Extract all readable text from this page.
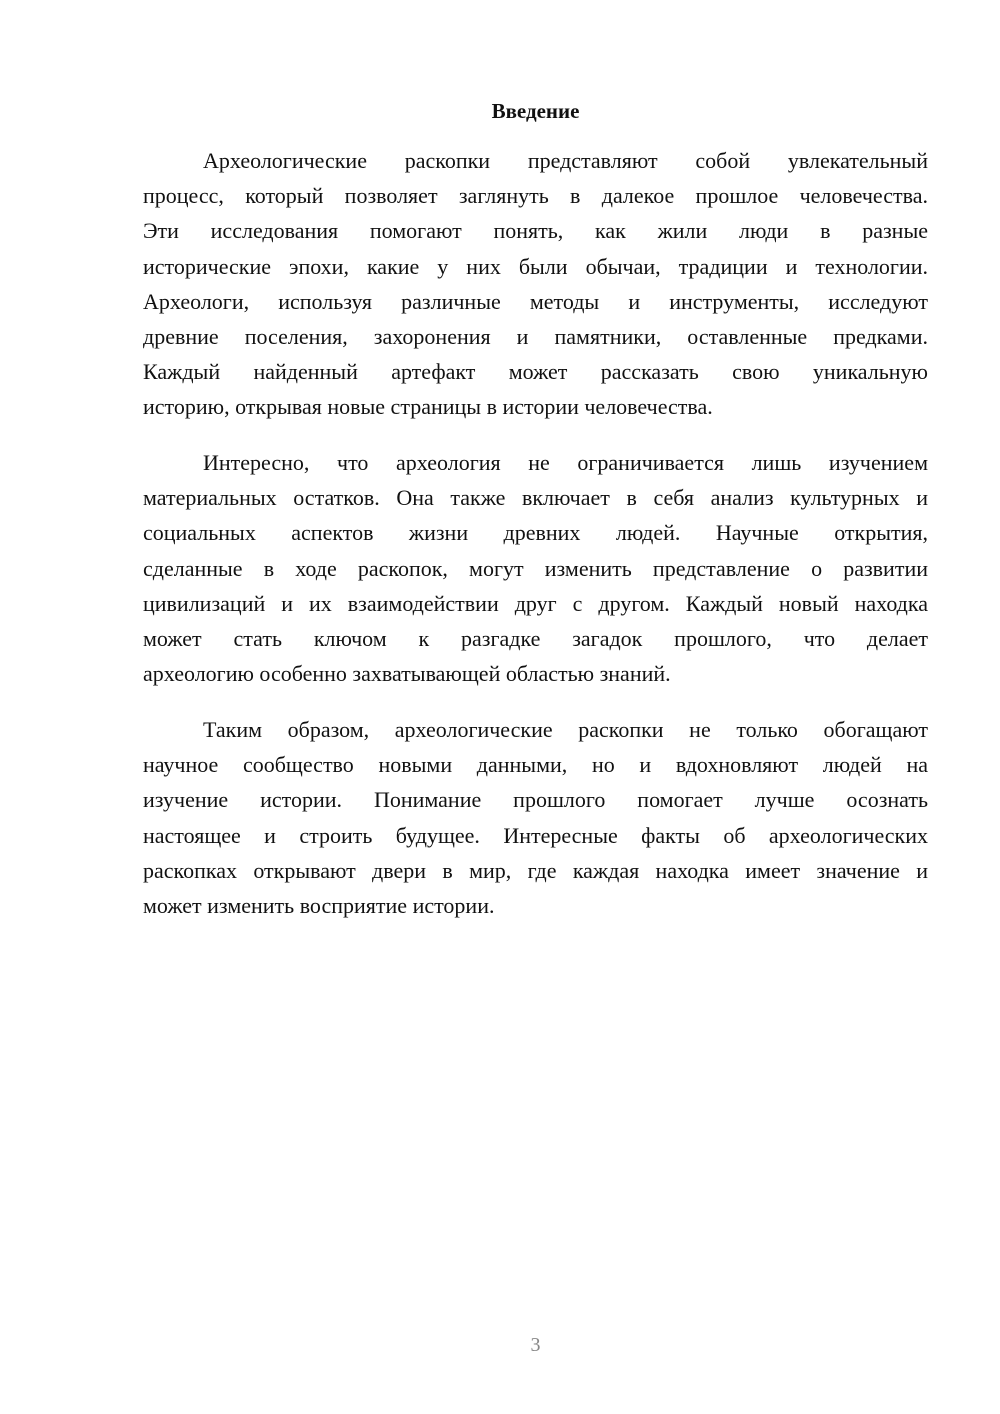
Введение
Археологические раскопки представляют собой увлекательный
процесс, который позволяет заглянуть в далекое прошлое человечества.
Эти исследования помогают понять, как жили люди в разные
исторические эпохи, какие у них были обычаи, традиции и технологии.
Археологи, используя различные методы и инструменты, исследуют
древние поселения, захоронения и памятники, оставленные предками.
Каждый найденный артефакт может рассказать свою уникальную
историю, открывая новые страницы в истории человечества.
Интересно, что археология не ограничивается лишь изучением
материальных остатков. Она также включает в себя анализ культурных и
социальных аспектов жизни древних людей. Научные открытия,
сделанные в ходе раскопок, могут изменить представление о развитии
цивилизаций и их взаимодействии друг с другом. Каждый новый находка
может стать ключом к разгадке загадок прошлого, что делает
археологию особенно захватывающей областью знаний.
Таким образом, археологические раскопки не только обогащают
научное сообщество новыми данными, но и вдохновляют людей на
изучение истории. Понимание прошлого помогает лучше осознать
настоящее и строить будущее. Интересные факты об археологических
раскопках открывают двери в мир, где каждая находка имеет значение и
может изменить восприятие истории.
3
